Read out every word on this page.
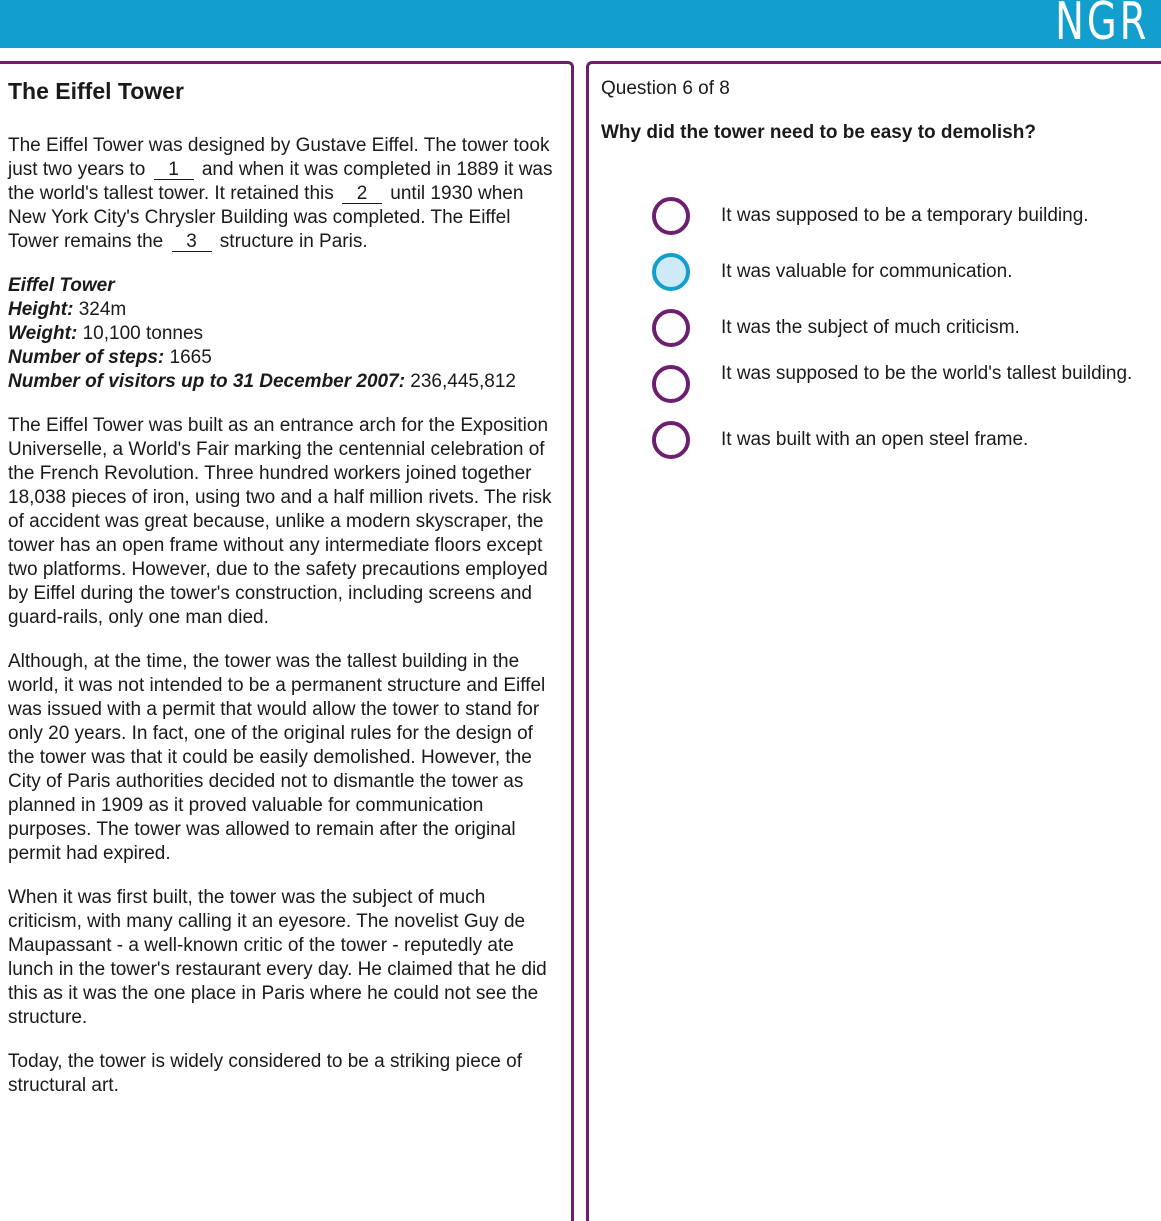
NGR
The Eiffel Tower

The Eiffel Tower was designed by Gustave Eiffel. The tower took just two years to 1 and when it was completed in 1889 it was the world's tallest tower. It retained this 2 until 1930 when New York City's Chrysler Building was completed. The Eiffel Tower remains the 3 structure in Paris.

Eiffel Tower
Height: 324m
Weight: 10,100 tonnes
Number of steps: 1665
Number of visitors up to 31 December 2007: 236,445,812

The Eiffel Tower was built as an entrance arch for the Exposition Universelle, a World's Fair marking the centennial celebration of the French Revolution. Three hundred workers joined together 18,038 pieces of iron, using two and a half million rivets. The risk of accident was great because, unlike a modern skyscraper, the tower has an open frame without any intermediate floors except two platforms. However, due to the safety precautions employed by Eiffel during the tower's construction, including screens and guard-rails, only one man died.

Although, at the time, the tower was the tallest building in the world, it was not intended to be a permanent structure and Eiffel was issued with a permit that would allow the tower to stand for only 20 years. In fact, one of the original rules for the design of the tower was that it could be easily demolished. However, the City of Paris authorities decided not to dismantle the tower as planned in 1909 as it proved valuable for communication purposes. The tower was allowed to remain after the original permit had expired.

When it was first built, the tower was the subject of much criticism, with many calling it an eyesore. The novelist Guy de Maupassant - a well-known critic of the tower - reputedly ate lunch in the tower's restaurant every day. He claimed that he did this as it was the one place in Paris where he could not see the structure.

Today, the tower is widely considered to be a striking piece of structural art.

Question 6 of 8
Why did the tower need to be easy to demolish?
It was supposed to be a temporary building.
It was valuable for communication.
It was the subject of much criticism.
It was supposed to be the world's tallest building.
It was built with an open steel frame.
